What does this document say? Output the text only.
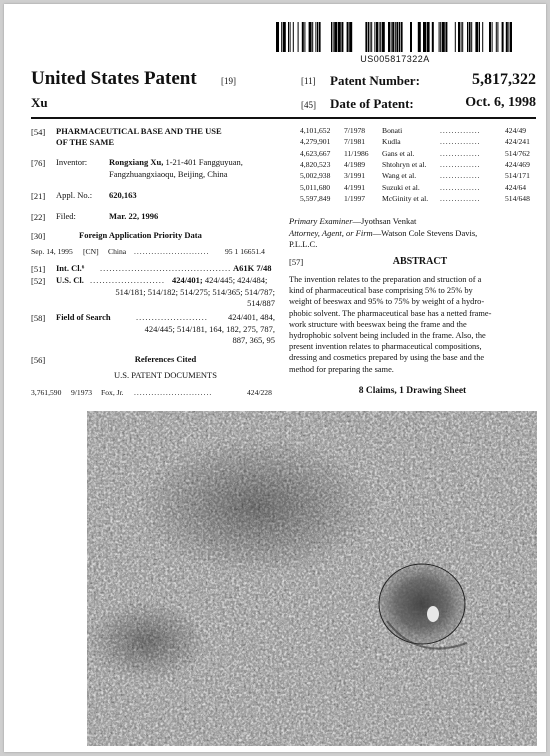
US005817322A
United States Patent	[19]
Xu
[11] Patent Number:	5,817,322
[45] Date of Patent:	Oct. 6, 1998
[54] PHARMACEUTICAL BASE AND THE USE
OF THE SAME
[76] Inventor:	Rongxiang Xu, 1-21-401 Fangguyuan,
Fangzhuangxiaoqu, Beijing, China
[21] Appl. No.: 620,163
[22] Filed:	Mar. 22, 1996
[30]	Foreign Application Priority Data
Sep. 14, 1995 [CN] China .......................... 95 1 16651.4
[51] Int. Cl.⁶ .......................................... A61K 7/48
[52] U.S. Cl. ........................ 424/401; 424/445; 424/484;
514/181; 514/182; 514/275; 514/365; 514/787;
514/887
[58] Field of Search	.......................	424/401, 484,
424/445; 514/181, 164, 182, 275, 787,
887, 365, 95
[56]	References Cited
U.S. PATENT DOCUMENTS
3,761,590 9/1973 Fox, Jr. ...........................	424/228
4,101,652 7/1978 Bonati	424/49
..............
4,279,901 7/1981 Kudla	424/241
..............
4,623,667 11/1986 Gans et al.	514/762
..............
4,820,523 4/1989 Shtohryn et al.	424/469
..............
5,002,938 3/1991 Wang et al.	514/171
..............
5,011,680 4/1991 Suzuki et al.	424/64
..............
5,597,849 1/1997 McGinity et al.	514/648
..............
Primary Examiner—Jyothsan Venkat
Attorney, Agent, or Firm—Watson Cole Stevens Davis,
P.L.L.C.
[57]	ABSTRACT
The invention relates to the preparation and struction of a
kind of pharmaceutical base comprising 5% to 25% by
weight of beeswax and 95% to 75% by weight of a hydro-
phobic solvent. The pharmaceutical base has a netted frame-
work structure with beeswax being the frame and the
hydrophobic solvent being included in the frame. Also, the
present invention relates to pharmaceutical compositions,
dressing and cosmetics prepared by using the base and the
method for preparing the same.
8 Claims, 1 Drawing Sheet
